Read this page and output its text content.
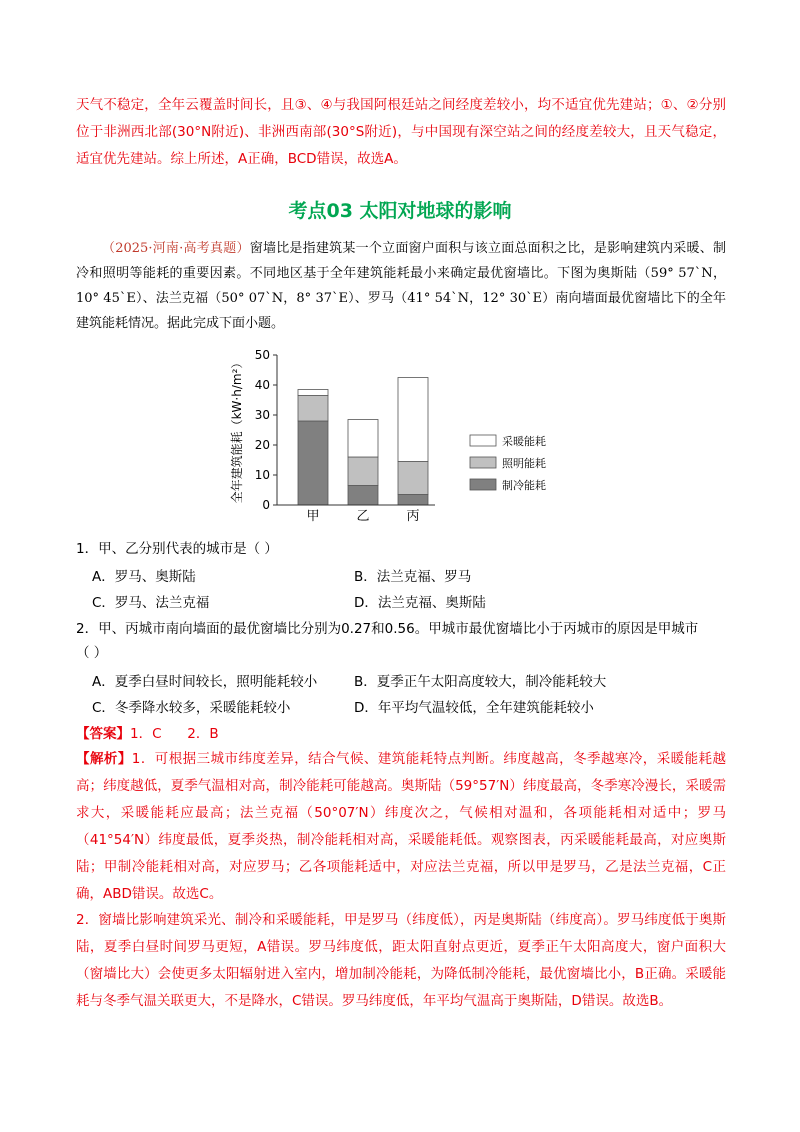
天气不稳定，全年云覆盖时间长，且③、④与我国阿根廷站之间经度差较小，均不适宜优先建站；①、②分别位于非洲西北部(30°N附近)、非洲西南部(30°S附近)，与中国现有深空站之间的经度差较大，且天气稳定，适宜优先建站。综上所述，A正确，BCD错误，故选A。
考点03 太阳对地球的影响
（2025·河南·高考真题）窗墙比是指建筑某一个立面窗户面积与该立面总面积之比，是影响建筑内采暖、制冷和照明等能耗的重要因素。不同地区基于全年建筑能耗最小来确定最优窗墙比。下图为奥斯陆（59° 57`N，10° 45`E）、法兰克福（50° 07`N，8° 37`E）、罗马（41° 54`N，12° 30`E）南向墙面最优窗墙比下的全年建筑能耗情况。据此完成下面小题。
甲	乙	丙
0
10
20
30
40
50
全年建筑能耗（kW·h/m²）	采暖能耗
照明能耗
制冷能耗
1．甲、乙分别代表的城市是（ ）
A．罗马、奥斯陆	B．法兰克福、罗马
C．罗马、法兰克福	D．法兰克福、奥斯陆
2．甲、丙城市南向墙面的最优窗墙比分别为0.27和0.56。甲城市最优窗墙比小于丙城市的原因是甲城市
（ ）
A．夏季白昼时间较长，照明能耗较小	B．夏季正午太阳高度较大，制冷能耗较大
C．冬季降水较多，采暖能耗较小	D．年平均气温较低，全年建筑能耗较小
【答案】1．C      2．B
【解析】1．可根据三城市纬度差异，结合气候、建筑能耗特点判断。纬度越高，冬季越寒冷，采暖能耗越高；纬度越低，夏季气温相对高，制冷能耗可能越高。奥斯陆（59°57′N）纬度最高，冬季寒冷漫长，采暖需求大，采暖能耗应最高；法兰克福（50°07′N）纬度次之，气候相对温和，各项能耗相对适中；罗马（41°54′N）纬度最低，夏季炎热，制冷能耗相对高，采暖能耗低。观察图表，丙采暖能耗最高，对应奥斯陆；甲制冷能耗相对高，对应罗马；乙各项能耗适中，对应法兰克福，所以甲是罗马，乙是法兰克福，C正确，ABD错误。故选C。
2．窗墙比影响建筑采光、制冷和采暖能耗，甲是罗马（纬度低），丙是奥斯陆（纬度高）。罗马纬度低于奥斯陆，夏季白昼时间罗马更短，A错误。罗马纬度低，距太阳直射点更近，夏季正午太阳高度大，窗户面积大（窗墙比大）会使更多太阳辐射进入室内，增加制冷能耗，为降低制冷能耗，最优窗墙比小，B正确。采暖能耗与冬季气温关联更大，不是降水，C错误。罗马纬度低，年平均气温高于奥斯陆，D错误。故选B。
